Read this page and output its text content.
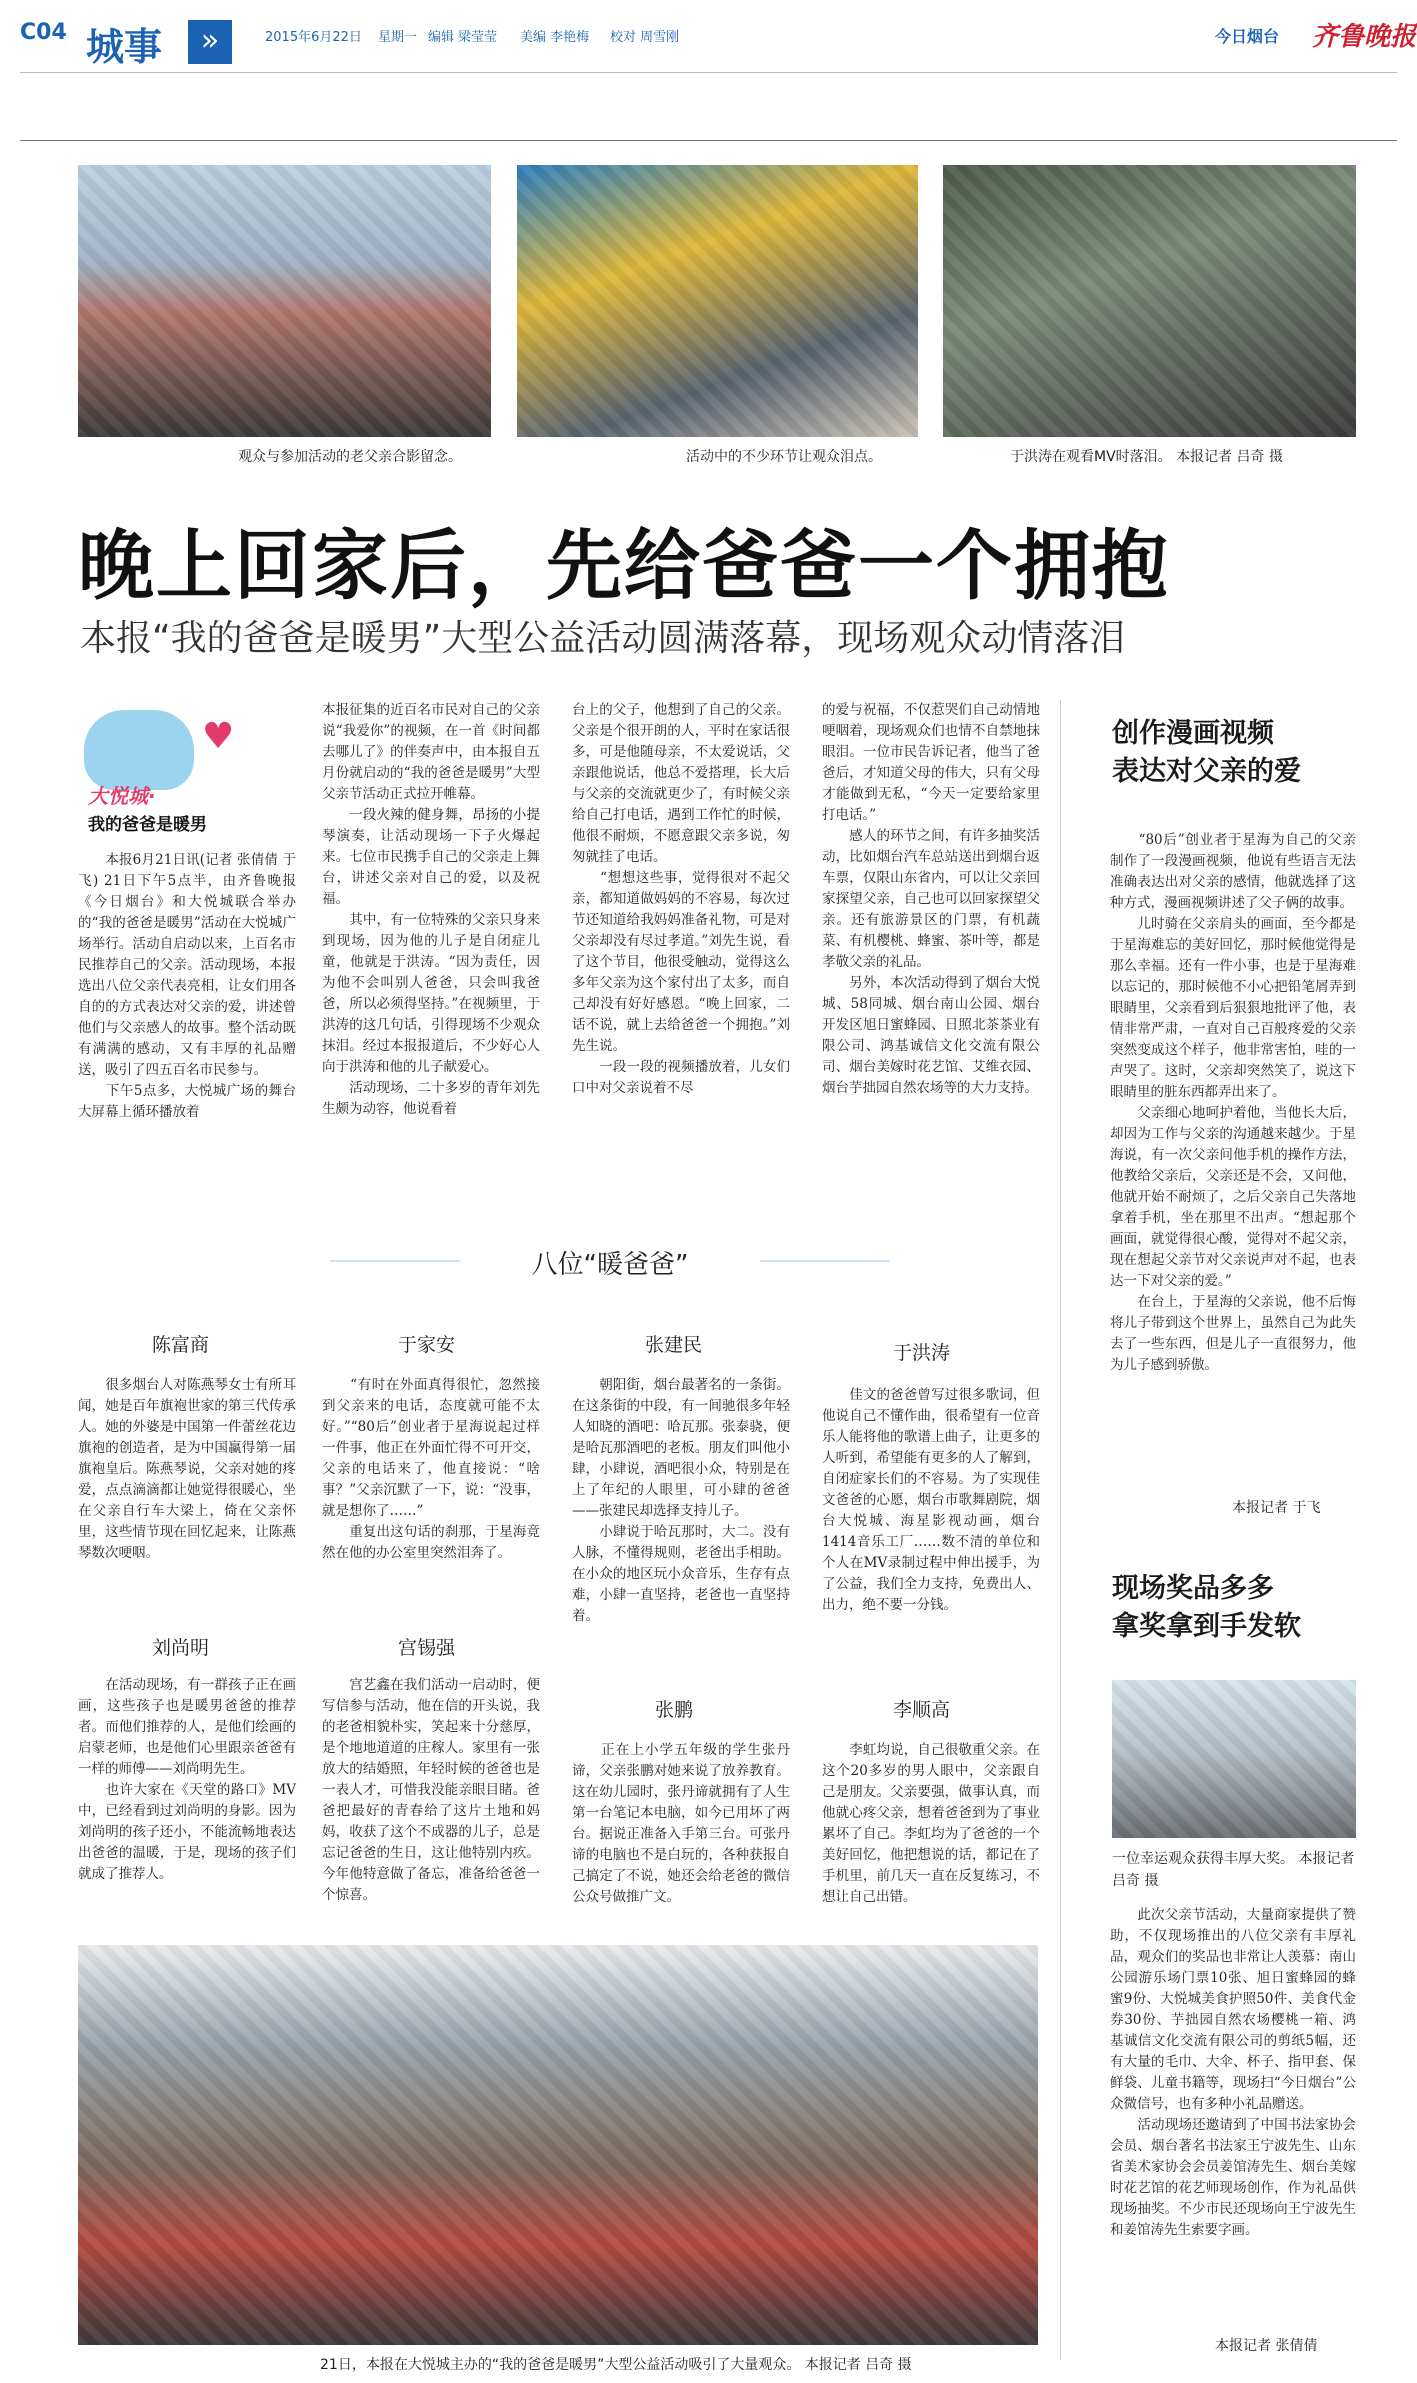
C04 城事	»	2015年6月22日 星期一 编辑 梁莹莹 美编 李艳梅 校对 周雪刚	今日烟台 齐鲁晚报
观众与参加活动的老父亲合影留念。	活动中的不少环节让观众泪点。	于洪涛在观看MV时落泪。 本报记者 吕奇 摄
晚上回家后，先给爸爸一个拥抱
本报“我的爸爸是暖男”大型公益活动圆满落幕，现场观众动情落泪
♥
大悦城·
我的爸爸是暖男
　　本报6月21日讯(记者 张倩倩 于飞) 21日下午5点半，由齐鲁晚报《今日烟台》和大悦城联合举办的“我的爸爸是暖男”活动在大悦城广场举行。活动自启动以来，上百名市民推荐自己的父亲。活动现场，本报选出八位父亲代表亮相，让女们用各自的的方式表达对父亲的爱，讲述曾他们与父亲感人的故事。整个活动既有满满的感动，又有丰厚的礼品赠送，吸引了四五百名市民参与。
　　下午5点多，大悦城广场的舞台大屏幕上循环播放着
本报征集的近百名市民对自己的父亲说“我爱你”的视频，在一首《时间都去哪儿了》的伴奏声中，由本报自五月份就启动的“我的爸爸是暖男”大型父亲节活动正式拉开帷幕。
　　一段火辣的健身舞，昂扬的小提琴演奏，让活动现场一下子火爆起来。七位市民携手自己的父亲走上舞台，讲述父亲对自己的爱，以及祝福。
　　其中，有一位特殊的父亲只身来到现场，因为他的儿子是自闭症儿童，他就是于洪涛。“因为责任，因为他不会叫别人爸爸，只会叫我爸爸，所以必须得坚持。”在视频里，于洪涛的这几句话，引得现场不少观众抹泪。经过本报报道后，不少好心人向于洪涛和他的儿子献爱心。
　　活动现场，二十多岁的青年刘先生颇为动容，他说看着
台上的父子，他想到了自己的父亲。父亲是个很开朗的人，平时在家话很多，可是他随母亲，不太爱说话，父亲跟他说话，他总不爱搭理，长大后与父亲的交流就更少了，有时候父亲给自己打电话，遇到工作忙的时候，他很不耐烦，不愿意跟父亲多说，匆匆就挂了电话。
　　“想想这些事，觉得很对不起父亲，都知道做妈妈的不容易，每次过节还知道给我妈妈准备礼物，可是对父亲却没有尽过孝道。”刘先生说，看了这个节目，他很受触动，觉得这么多年父亲为这个家付出了太多，而自己却没有好好感恩。“晚上回家，二话不说，就上去给爸爸一个拥抱。”刘先生说。
　　一段一段的视频播放着，儿女们口中对父亲说着不尽
的爱与祝福，不仅惹哭们自己动情地哽咽着，现场观众们也情不自禁地抹眼泪。一位市民告诉记者，他当了爸爸后，才知道父母的伟大，只有父母才能做到无私，“今天一定要给家里打电话。”
　　感人的环节之间，有许多抽奖活动，比如烟台汽车总站送出到烟台返车票，仅限山东省内，可以让父亲回家探望父亲，自己也可以回家探望父亲。还有旅游景区的门票，有机蔬菜、有机樱桃、蜂蜜、茶叶等，都是孝敬父亲的礼品。
　　另外，本次活动得到了烟台大悦城、58同城、烟台南山公园、烟台开发区旭日蜜蜂园、日照北茶茶业有限公司、鸿基诚信文化交流有限公司、烟台美嫁时花艺馆、艾维衣园、烟台芋拙园自然农场等的大力支持。
八位“暖爸爸”
陈富商
　　很多烟台人对陈燕琴女士有所耳闻，她是百年旗袍世家的第三代传承人。她的外婆是中国第一件蕾丝花边旗袍的创造者，是为中国赢得第一届旗袍皇后。陈燕琴说，父亲对她的疼爱，点点滴滴都让她觉得很暖心，坐在父亲自行车大梁上，倚在父亲怀里，这些情节现在回忆起来，让陈燕琴数次哽咽。
于家安
　　“有时在外面真得很忙，忽然接到父亲来的电话，态度就可能不太好。”“80后”创业者于星海说起过样一件事，他正在外面忙得不可开交，父亲的电话来了，他直接说：“啥事？”父亲沉默了一下，说：“没事，就是想你了……”
　　重复出这句话的刹那，于星海竟然在他的办公室里突然泪奔了。
张建民
　　朝阳街，烟台最著名的一条街。在这条街的中段，有一间驰很多年轻人知晓的酒吧：哈瓦那。张泰骁，便是哈瓦那酒吧的老板。朋友们叫他小肆，小肆说，酒吧很小众，特别是在上了年纪的人眼里，可小肆的爸爸——张建民却选择支持儿子。
　　小肆说于哈瓦那时，大二。没有人脉，不懂得规则，老爸出手相助。在小众的地区玩小众音乐，生存有点难，小肆一直坚持，老爸也一直坚持着。
于洪涛
　　佳文的爸爸曾写过很多歌词，但他说自己不懂作曲，很希望有一位音乐人能将他的歌谱上曲子，让更多的人听到，希望能有更多的人了解到，自闭症家长们的不容易。为了实现佳文爸爸的心愿，烟台市歌舞剧院，烟台大悦城、海星影视动画，烟台1414音乐工厂……数不清的单位和个人在MV录制过程中伸出援手，为了公益，我们全力支持，免费出人、出力，绝不要一分钱。
刘尚明
　　在活动现场，有一群孩子正在画画，这些孩子也是暖男爸爸的推荐者。而他们推荐的人，是他们绘画的启蒙老师，也是他们心里跟亲爸爸有一样的师傅——刘尚明先生。
　　也许大家在《天堂的路口》MV中，已经看到过刘尚明的身影。因为刘尚明的孩子还小，不能流畅地表达出爸爸的温暖，于是，现场的孩子们就成了推荐人。
宫锡强
　　宫艺鑫在我们活动一启动时，便写信参与活动，他在信的开头说，我的老爸相貌朴实，笑起来十分慈厚，是个地地道道的庄稼人。家里有一张放大的结婚照，年轻时候的爸爸也是一表人才，可惜我没能亲眼目睹。爸爸把最好的青春给了这片土地和妈妈，收获了这个不成器的儿子，总是忘记爸爸的生日，这让他特别内疚。今年他特意做了备忘，准备给爸爸一个惊喜。
张鹏
　　正在上小学五年级的学生张丹谛，父亲张鹏对她来说了放养教育。这在幼儿园时，张丹谛就拥有了人生第一台笔记本电脑，如今已用坏了两台。据说正准备入手第三台。可张丹谛的电脑也不是白玩的，各种获报自己搞定了不说，她还会给老爸的微信公众号做推广文。
李顺高
　　李虹均说，自己很敬重父亲。在这个20多岁的男人眼中，父亲跟自己是朋友。父亲要强，做事认真，而他就心疼父亲，想着爸爸到为了事业累坏了自己。李虹均为了爸爸的一个美好回忆，他把想说的话，都记在了手机里，前几天一直在反复练习，不想让自己出错。
21日，本报在大悦城主办的“我的爸爸是暖男”大型公益活动吸引了大量观众。 本报记者 吕奇 摄
创作漫画视频
表达对父亲的爱
　　“80后”创业者于星海为自己的父亲制作了一段漫画视频，他说有些语言无法准确表达出对父亲的感情，他就选择了这种方式，漫画视频讲述了父子俩的故事。
　　儿时骑在父亲肩头的画面，至今都是于星海难忘的美好回忆，那时候他觉得是那么幸福。还有一件小事，也是于星海难以忘记的，那时候他不小心把铅笔屑弄到眼睛里，父亲看到后狠狠地批评了他，表情非常严肃，一直对自己百般疼爱的父亲突然变成这个样子，他非常害怕，哇的一声哭了。这时，父亲却突然笑了，说这下眼睛里的脏东西都弄出来了。
　　父亲细心地呵护着他，当他长大后，却因为工作与父亲的沟通越来越少。于星海说，有一次父亲问他手机的操作方法，他教给父亲后，父亲还是不会，又问他，他就开始不耐烦了，之后父亲自己失落地拿着手机，坐在那里不出声。“想起那个画面，就觉得很心酸，觉得对不起父亲，现在想起父亲节对父亲说声对不起，也表达一下对父亲的爱。”
　　在台上，于星海的父亲说，他不后悔将儿子带到这个世界上，虽然自己为此失去了一些东西，但是儿子一直很努力，他为儿子感到骄傲。
本报记者 于飞
现场奖品多多
拿奖拿到手发软
一位幸运观众获得丰厚大奖。 本报记者 吕奇 摄
　　此次父亲节活动，大量商家提供了赞助，不仅现场推出的八位父亲有丰厚礼品，观众们的奖品也非常让人羡慕：南山公园游乐场门票10张、旭日蜜蜂园的蜂蜜9份、大悦城美食护照50件、美食代金券30份、芋拙园自然农场樱桃一箱、鸿基诚信文化交流有限公司的剪纸5幅，还有大量的毛巾、大伞、杯子、指甲套、保鲜袋、儿童书籍等，现场扫“今日烟台”公众微信号，也有多种小礼品赠送。
　　活动现场还邀请到了中国书法家协会会员、烟台著名书法家王宁波先生、山东省美术家协会会员姜馆涛先生、烟台美嫁时花艺馆的花艺师现场创作，作为礼品供现场抽奖。不少市民还现场向王宁波先生和姜馆涛先生索要字画。
本报记者 张倩倩
